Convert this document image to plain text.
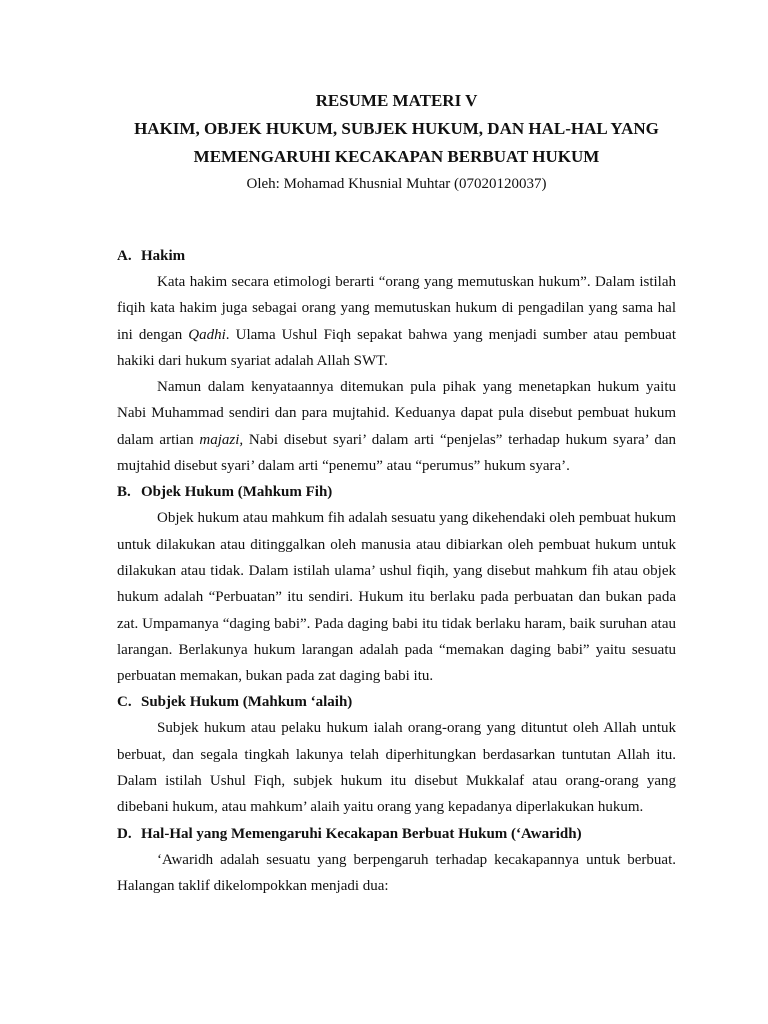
RESUME MATERI V

HAKIM, OBJEK HUKUM, SUBJEK HUKUM, DAN HAL-HAL YANG

MEMENGARUHI KECAKAPAN BERBUAT HUKUM

Oleh: Mohamad Khusnial Muhtar (07020120037)

A. Hakim

Kata hakim secara etimologi berarti “orang yang memutuskan hukum”. Dalam istilah fiqih kata hakim juga sebagai orang yang memutuskan hukum di pengadilan yang sama hal ini dengan Qadhi. Ulama Ushul Fiqh sepakat bahwa yang menjadi sumber atau pembuat hakiki dari hukum syariat adalah Allah SWT.

Namun dalam kenyataannya ditemukan pula pihak yang menetapkan hukum yaitu Nabi Muhammad sendiri dan para mujtahid. Keduanya dapat pula disebut pembuat hukum dalam artian majazi, Nabi disebut syari’ dalam arti “penjelas” terhadap hukum syara’ dan mujtahid disebut syari’ dalam arti “penemu” atau “perumus” hukum syara’.

B. Objek Hukum (Mahkum Fih)

Objek hukum atau mahkum fih adalah sesuatu yang dikehendaki oleh pembuat hukum untuk dilakukan atau ditinggalkan oleh manusia atau dibiarkan oleh pembuat hukum untuk dilakukan atau tidak. Dalam istilah ulama’ ushul fiqih, yang disebut mahkum fih atau objek hukum adalah “Perbuatan” itu sendiri. Hukum itu berlaku pada perbuatan dan bukan pada zat. Umpamanya “daging babi”. Pada daging babi itu tidak berlaku haram, baik suruhan atau larangan. Berlakunya hukum larangan adalah pada “memakan daging babi” yaitu sesuatu perbuatan memakan, bukan pada zat daging babi itu.

C. Subjek Hukum (Mahkum ‘alaih)

Subjek hukum atau pelaku hukum ialah orang-orang yang dituntut oleh Allah untuk berbuat, dan segala tingkah lakunya telah diperhitungkan berdasarkan tuntutan Allah itu. Dalam istilah Ushul Fiqh, subjek hukum itu disebut Mukkalaf atau orang-orang yang dibebani hukum, atau mahkum’ alaih yaitu orang yang kepadanya diperlakukan hukum.

D. Hal-Hal yang Memengaruhi Kecakapan Berbuat Hukum (‘Awaridh)

‘Awaridh adalah sesuatu yang berpengaruh terhadap kecakapannya untuk berbuat. Halangan taklif dikelompokkan menjadi dua:
